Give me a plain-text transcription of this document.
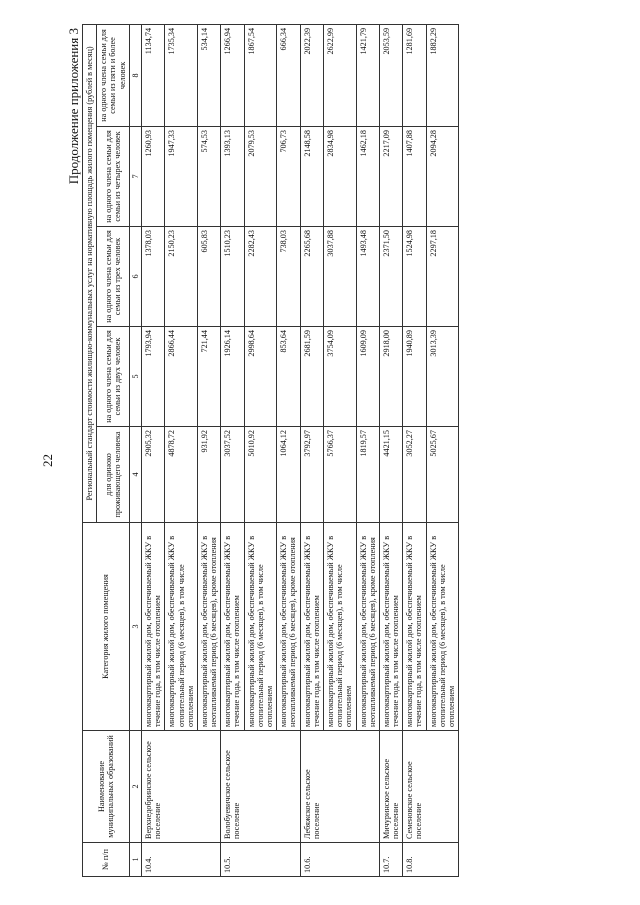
22
Продолжение приложения 3
№ п/п	Наименование муниципальных образований	Категория жилого помещения	Региональный стандарт стоимости жилищно-коммунальных услуг на нормативную площадь жилого помещения (рублей в месяц)				
			для одиноко проживающего человека	на одного члена семьи для семьи из двух человек	на одного члена семьи для семьи из трех человек	на одного члена семьи для семьи из четырех человек	на одного члена семьи для семьи из пяти и более человек
1	2	3	4	5	6	7	8
10.4.	Верхнедобринское сельское поселение	многоквартирный жилой дом, обеспечиваемый ЖКУ в течение года, в том числе отоплением	2905,32	1793,94	1378,03	1260,93	1134,74
		многоквартирный жилой дом, обеспечиваемый ЖКУ в отопительный период (6 месяцев), в том числе отоплением	4878,72	2866,44	2150,23	1947,33	1735,34
		многоквартирный жилой дом, обеспечиваемый ЖКУ в неотапливаемый период (6 месяцев), кроме отопления	931,92	721,44	605,83	574,53	534,14
10.5.	Волобуевичское сельское поселение	многоквартирный жилой дом, обеспечиваемый ЖКУ в течение года, в том числе отоплением	3037,52	1926,14	1510,23	1393,13	1266,94
		многоквартирный жилой дом, обеспечиваемый ЖКУ в отопительный период (6 месяцев), в том числе отоплением	5010,92	2998,64	2282,43	2079,53	1867,54
		многоквартирный жилой дом, обеспечиваемый ЖКУ в неотапливаемый период (6 месяцев), кроме отопления	1064,12	853,64	738,03	706,73	666,34
10.6.	Лебяжское сельское поселение	многоквартирный жилой дом, обеспечиваемый ЖКУ в течение года, в том числе отоплением	3792,97	2681,59	2265,68	2148,58	2022,39
		многоквартирный жилой дом, обеспечиваемый ЖКУ в отопительный период (6 месяцев), в том числе отоплением	5766,37	3754,09	3037,88	2834,98	2622,99
		многоквартирный жилой дом, обеспечиваемый ЖКУ в неотапливаемый период (6 месяцев), кроме отопления	1819,57	1609,09	1493,48	1462,18	1421,79
10.7.	Мичуринское сельское поселение	многоквартирный жилой дом, обеспечиваемый ЖКУ в течение года, в том числе отоплением	4421,15	2918,00	2371,50	2217,09	2053,59
10.8.	Семеновское сельское поселение	многоквартирный жилой дом, обеспечиваемый ЖКУ в течение года, в том числе отоплением	3052,27	1940,89	1524,98	1407,88	1281,69
		многоквартирный жилой дом, обеспечиваемый ЖКУ в отопительный период (6 месяцев), в том числе отоплением	5025,67	3013,39	2297,18	2094,28	1882,29
